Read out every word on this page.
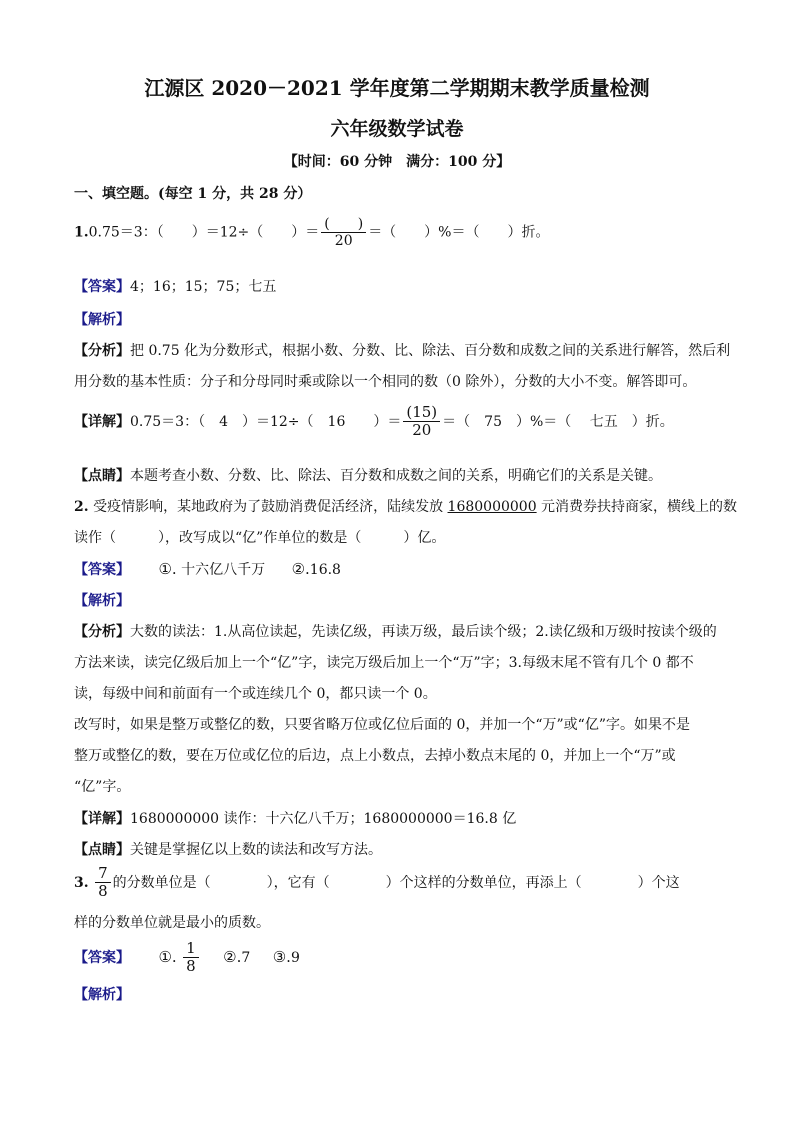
江源区 2020－2021 学年度第二学期期末教学质量检测
六年级数学试卷
【时间：60 分钟　满分：100 分】
一、填空题。(每空 1 分，共 28 分）
1.0.75＝3：（　　）＝12÷（　　）＝ $\frac{( )}{20}$ ＝（　　）%＝（　　）折。
【答案】4；16；15；75；七五
【解析】
【分析】把 0.75 化为分数形式，根据小数、分数、比、除法、百分数和成数之间的关系进行解答，然后利
用分数的基本性质：分子和分母同时乘或除以一个相同的数（0 除外），分数的大小不变。解答即可。
【详解】0.75＝3：（　4　）＝12÷（　16　　）＝ $\frac{(15)}{20}$ ＝（　75　）%＝（　 七五　）折。
【点睛】本题考查小数、分数、比、除法、百分数和成数之间的关系，明确它们的关系是关键。
2. 受疫情影响，某地政府为了鼓励消费促活经济，陆续发放 1680000000 元消费券扶持商家，横线上的数
读作（　　　），改写成以“亿”作单位的数是（　　　）亿。
【答案】 ①. 十六亿八千万 ②.16.8
【解析】
【分析】大数的读法：1.从高位读起，先读亿级，再读万级，最后读个级；2.读亿级和万级时按读个级的
方法来读，读完亿级后加上一个“亿”字，读完万级后加上一个“万”字；3.每级末尾不管有几个 0 都不
读，每级中间和前面有一个或连续几个 0，都只读一个 0。
改写时，如果是整万或整亿的数，只要省略万位或亿位后面的 0，并加一个“万”或“亿”字。如果不是
整万或整亿的数，要在万位或亿位的后边，点上小数点，去掉小数点末尾的 0，并加上一个“万”或
“亿”字。
【详解】1680000000 读作：十六亿八千万；1680000000＝16.8 亿
【点睛】关键是掌握亿以上数的读法和改写方法。
3. $\frac{7}{8}$ 的分数单位是（　　　　），它有（　　　　）个这样的分数单位，再添上（　　　　）个这
样的分数单位就是最小的质数。
【答案】 ①. $\frac{1}{8}$ ②.7 ③.9
【解析】
